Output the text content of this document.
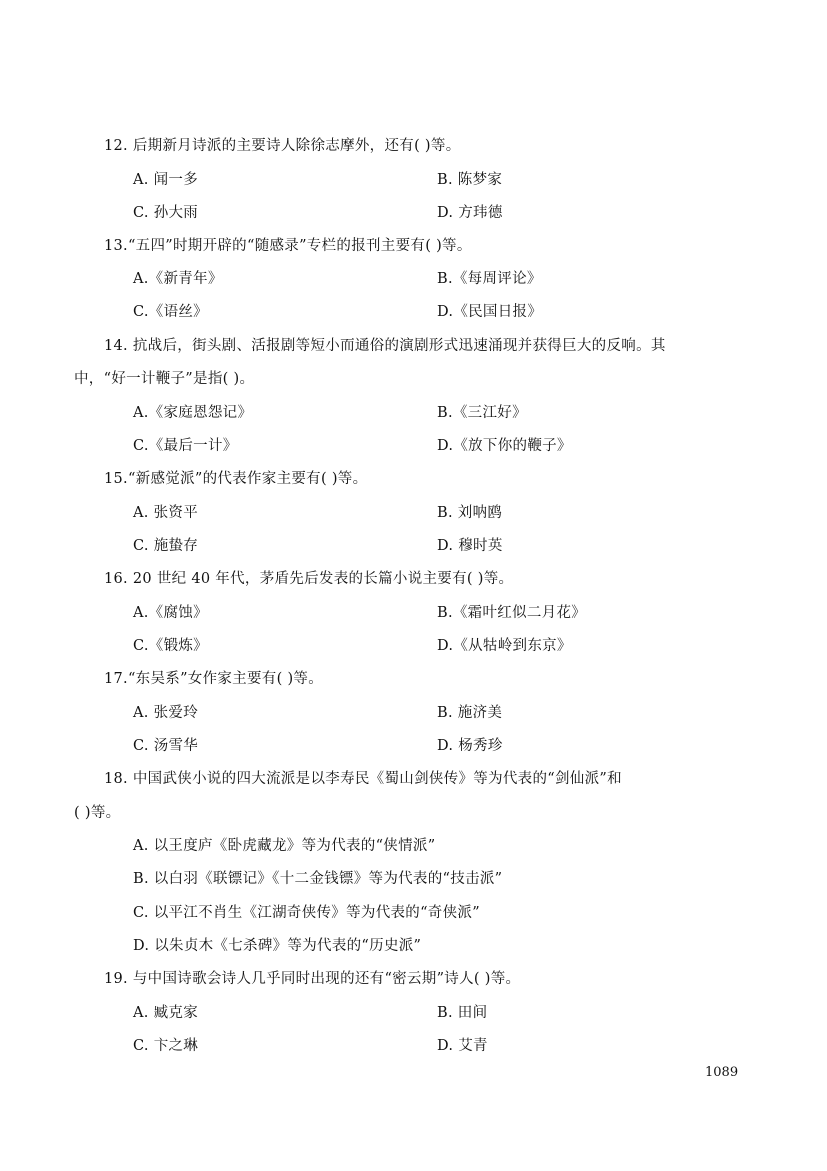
12. 后期新月诗派的主要诗人除徐志摩外，还有( )等。
A. 闻一多	B. 陈梦家
C. 孙大雨	D. 方玮德
13.“五四”时期开辟的“随感录”专栏的报刊主要有( )等。
A.《新青年》	B.《每周评论》
C.《语丝》	D.《民国日报》
14. 抗战后，街头剧、活报剧等短小而通俗的演剧形式迅速涌现并获得巨大的反响。其
中，“好一计鞭子”是指( )。
A.《家庭恩怨记》	B.《三江好》
C.《最后一计》	D.《放下你的鞭子》
15.“新感觉派”的代表作家主要有( )等。
A. 张资平	B. 刘呐鸥
C. 施蛰存	D. 穆时英
16. 20 世纪 40 年代，茅盾先后发表的长篇小说主要有( )等。
A.《腐蚀》	B.《霜叶红似二月花》
C.《锻炼》	D.《从牯岭到东京》
17.“东吴系”女作家主要有( )等。
A. 张爱玲	B. 施济美
C. 汤雪华	D. 杨秀珍
18. 中国武侠小说的四大流派是以李寿民《蜀山剑侠传》等为代表的“剑仙派”和
( )等。
A. 以王度庐《卧虎藏龙》等为代表的“侠情派”
B. 以白羽《联镖记》《十二金钱镖》等为代表的“技击派”
C. 以平江不肖生《江湖奇侠传》等为代表的“奇侠派”
D. 以朱贞木《七杀碑》等为代表的“历史派”
19. 与中国诗歌会诗人几乎同时出现的还有“密云期”诗人( )等。
A. 臧克家	B. 田间
C. 卞之琳	D. 艾青
1089
